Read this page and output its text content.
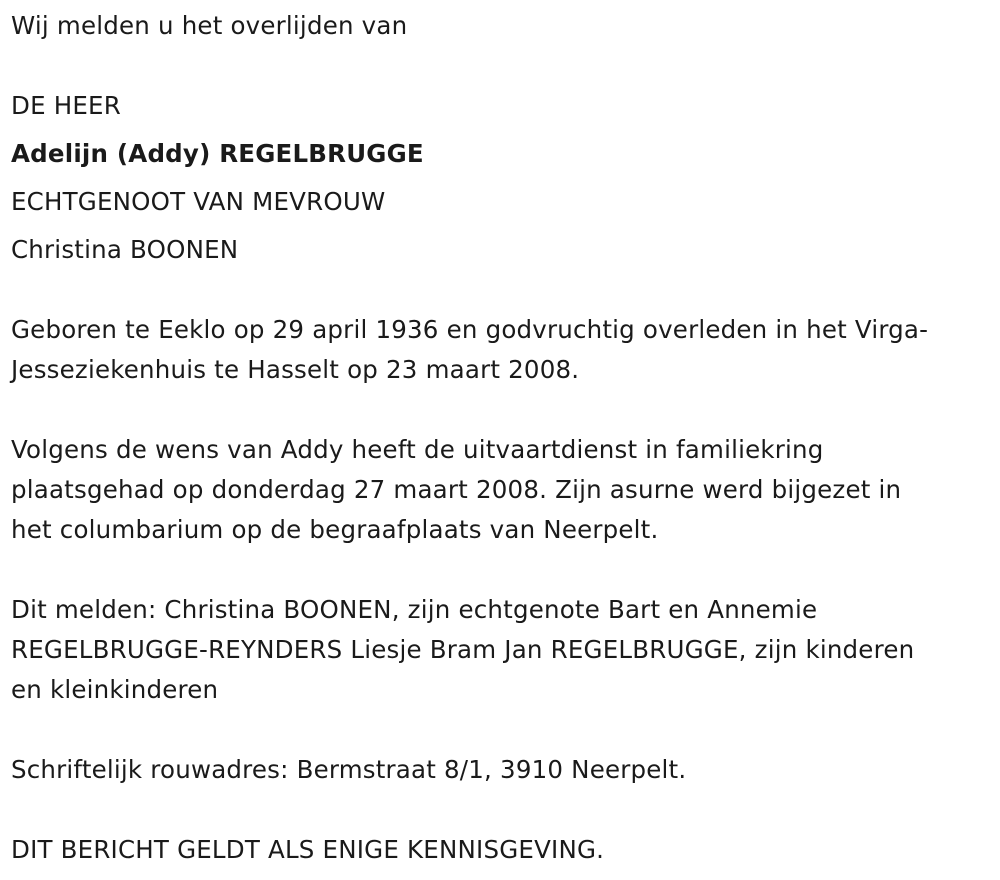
Wij melden u het overlijden van
DE HEER
Adelijn (Addy) REGELBRUGGE
ECHTGENOOT VAN MEVROUW
Christina BOONEN
Geboren te Eeklo op 29 april 1936 en godvruchtig overleden in het Virga-
Jesseziekenhuis te Hasselt op 23 maart 2008.
Volgens de wens van Addy heeft de uitvaartdienst in familiekring
plaatsgehad op donderdag 27 maart 2008. Zijn asurne werd bijgezet in
het columbarium op de begraafplaats van Neerpelt.
Dit melden: Christina BOONEN, zijn echtgenote Bart en Annemie
REGELBRUGGE-REYNDERS Liesje Bram Jan REGELBRUGGE, zijn kinderen
en kleinkinderen
Schriftelijk rouwadres: Bermstraat 8/1, 3910 Neerpelt.
DIT BERICHT GELDT ALS ENIGE KENNISGEVING.
